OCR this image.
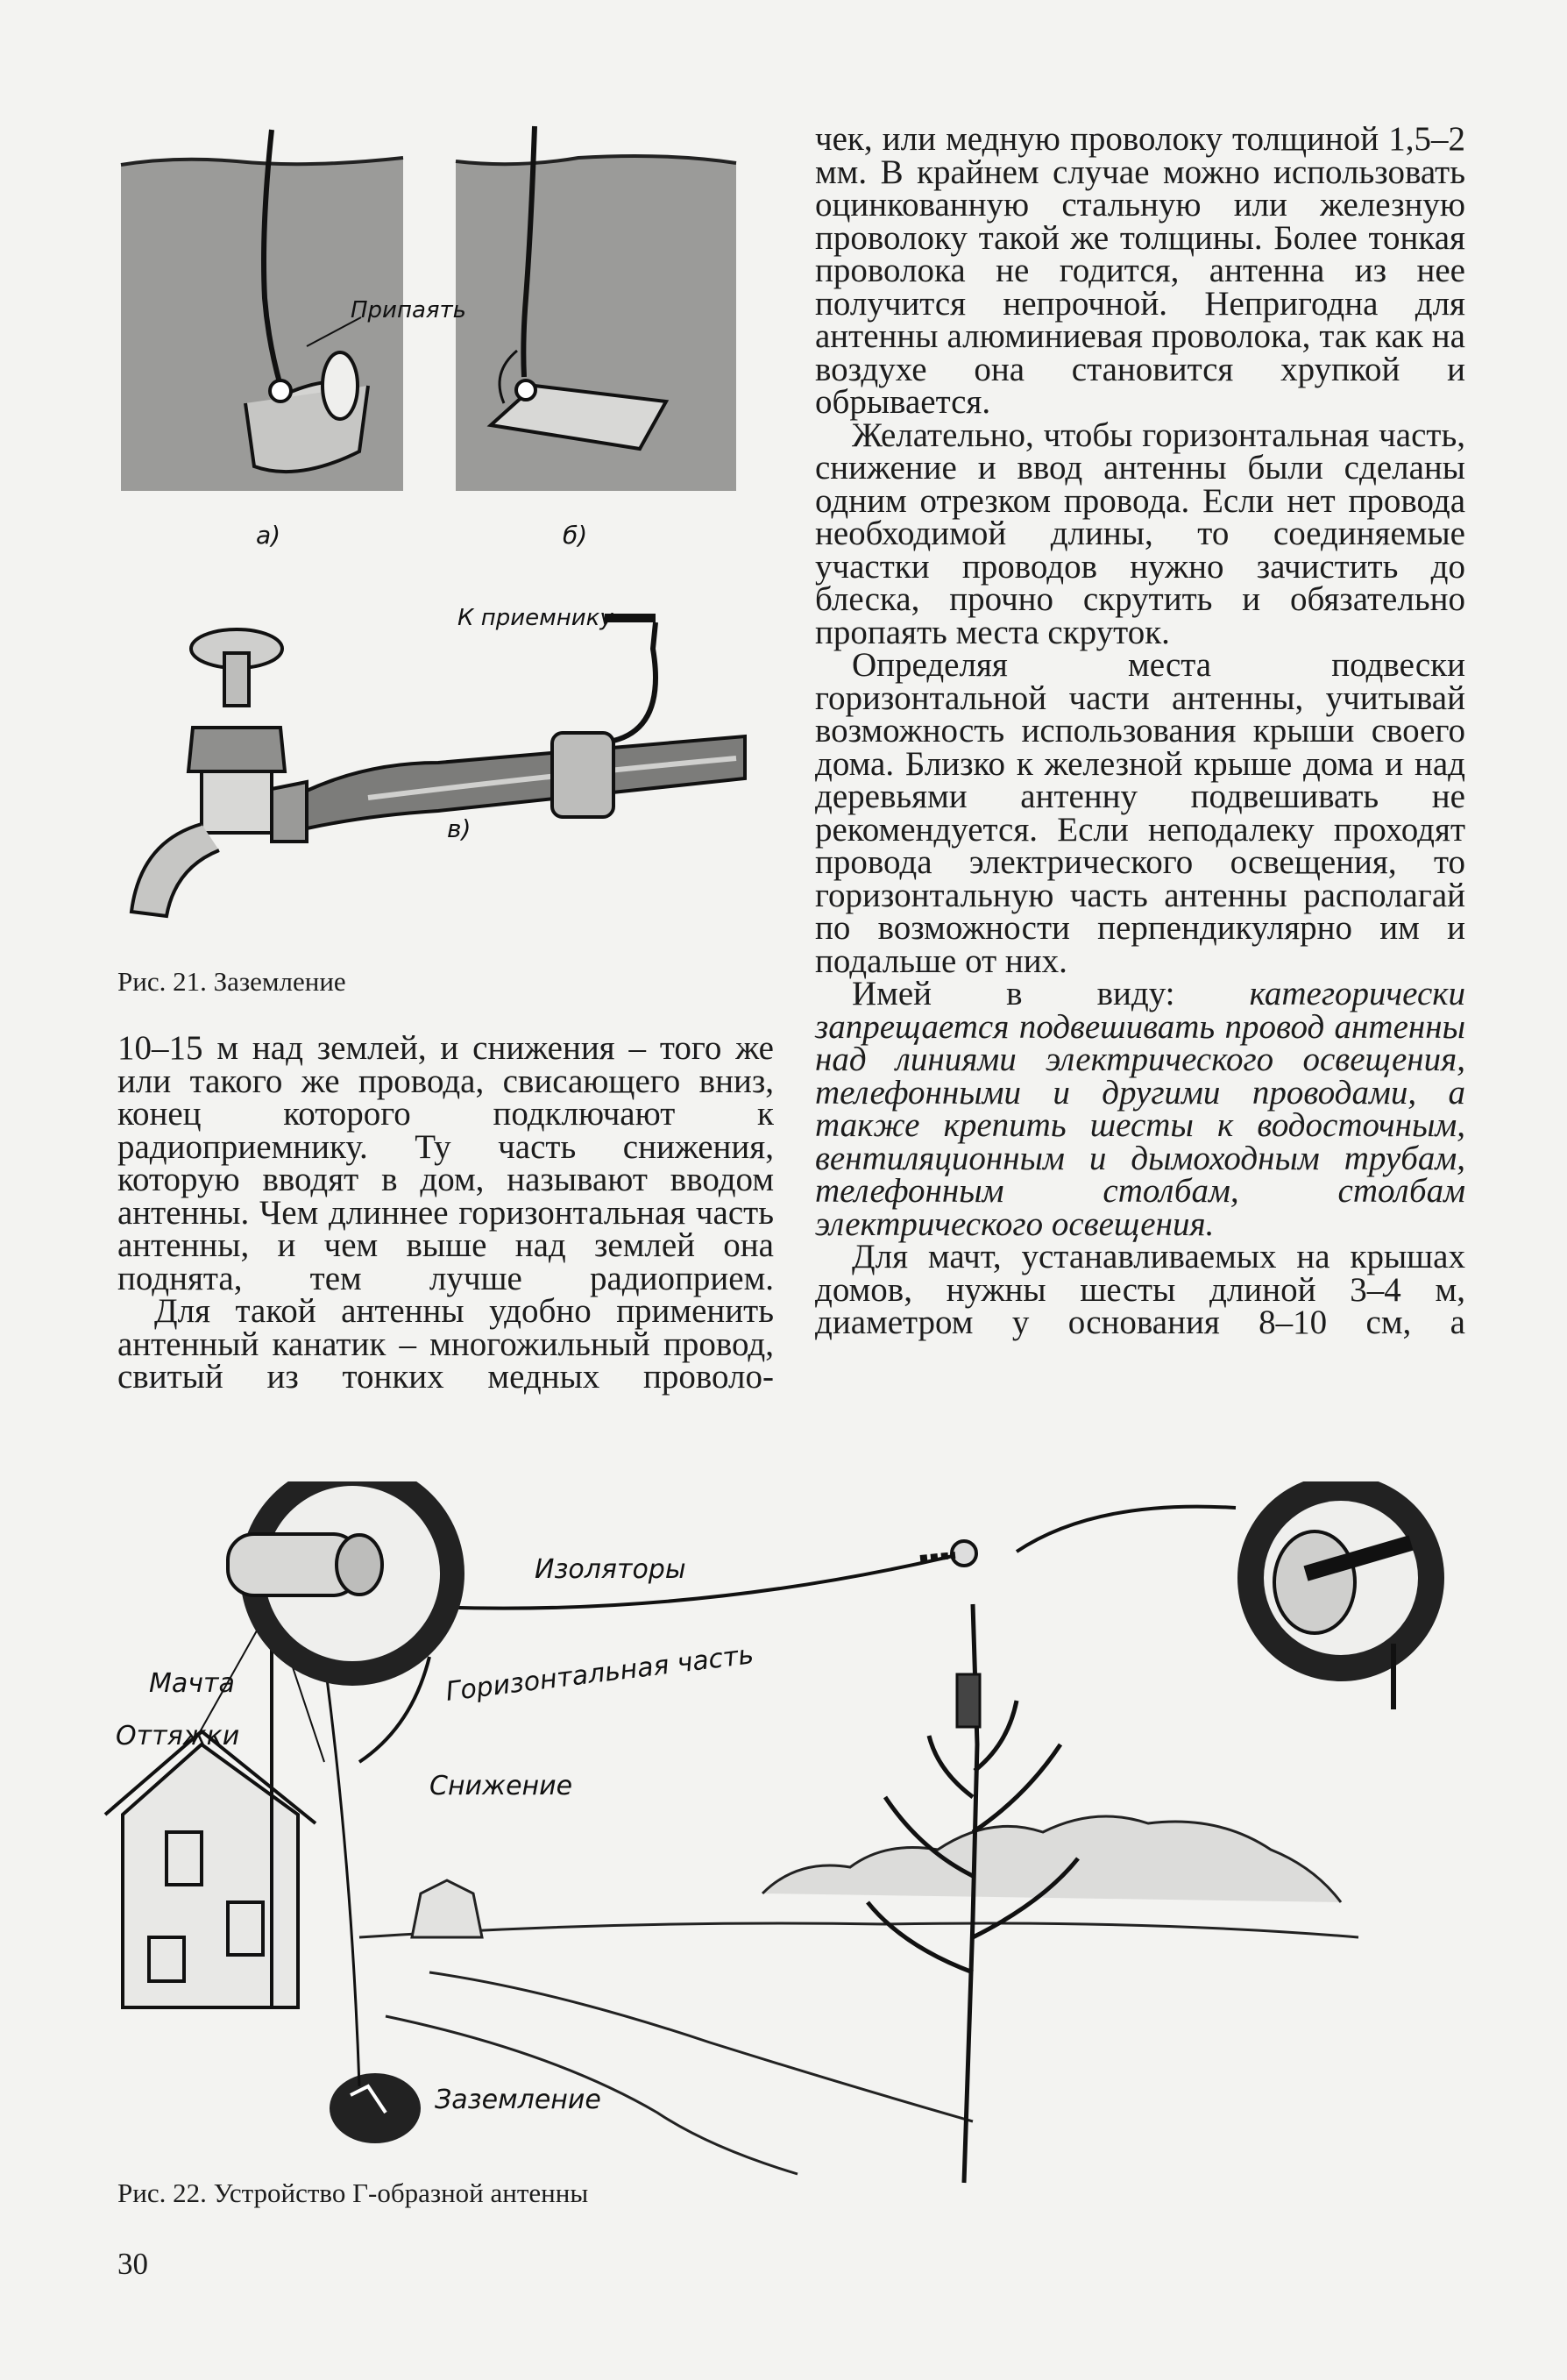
Припаять
а)	б)
К приемнику
в)
Рис. 21. Заземление

10–15 м над землей, и снижения – того же или такого же провода, свисающего вниз, конец которого подключают к радиоприемнику. Ту часть снижения, которую вводят в дом, называют вводом антенны. Чем длиннее горизонтальная часть антенны, и чем выше над землей она поднята, тем лучше радиоприем.

Для такой антенны удобно применить антенный канатик – многожильный провод, свитый из тонких медных проволо-

чек, или медную проволоку толщиной 1,5–2 мм. В крайнем случае можно использовать оцинкованную стальную или железную проволоку такой же толщины. Более тонкая проволока не годится, антенна из нее получится непрочной. Непригодна для антенны алюминиевая проволока, так как на воздухе она становится хрупкой и обрывается.

Желательно, чтобы горизонтальная часть, снижение и ввод антенны были сделаны одним отрезком провода. Если нет провода необходимой длины, то соединяемые участки проводов нужно зачистить до блеска, прочно скрутить и обязательно пропаять места скруток.

Определяя места подвески горизонтальной части антенны, учитывай возможность использования крыши своего дома. Близко к железной крыше дома и над деревьями антенну подвешивать не рекомендуется. Если неподалеку проходят провода электрического освещения, то горизонтальную часть антенны располагай по возможности перпендикулярно им и подальше от них.

Имей в виду: категорически запрещается подвешивать провод антенны над линиями электрического освещения, телефонными и другими проводами, а также крепить шесты к водосточным, вентиляционным и дымоходным трубам, телефонным столбам, столбам электрического освещения.

Для мачт, устанавливаемых на крышах домов, нужны шесты длиной 3–4 м, диаметром у основания 8–10 см, а

Изоляторы
Горизонтальная часть
Мачта
Оттяжки
Снижение
Заземление
Рис. 22. Устройство Г-образной антенны
30
